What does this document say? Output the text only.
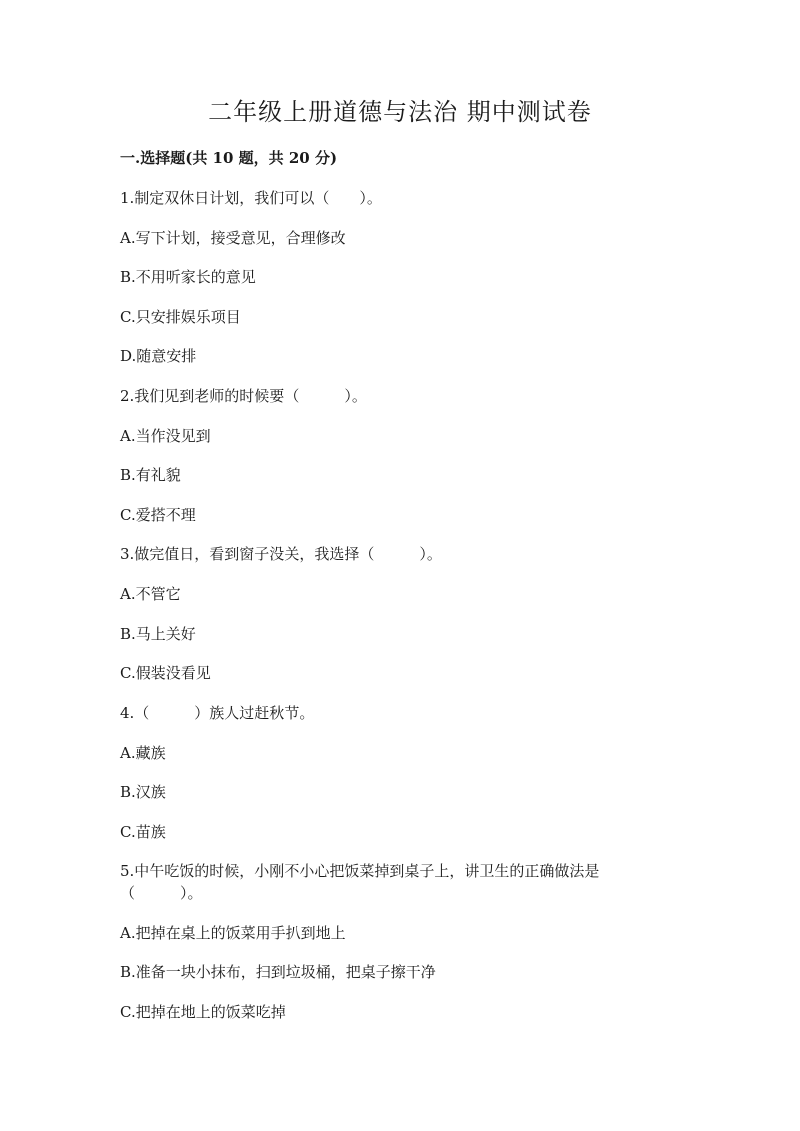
二年级上册道德与法治 期中测试卷
一.选择题(共 10 题，共 20 分)
1.制定双休日计划，我们可以（　　）。
A.写下计划，接受意见，合理修改
B.不用听家长的意见
C.只安排娱乐项目
D.随意安排
2.我们见到老师的时候要（　　　）。
A.当作没见到
B.有礼貌
C.爱搭不理
3.做完值日，看到窗子没关，我选择（　　　）。
A.不管它
B.马上关好
C.假装没看见
4.（　　　）族人过赶秋节。
A.藏族
B.汉族
C.苗族
5.中午吃饭的时候，小刚不小心把饭菜掉到桌子上，讲卫生的正确做法是
（　　　）。
A.把掉在桌上的饭菜用手扒到地上
B.准备一块小抹布，扫到垃圾桶，把桌子擦干净
C.把掉在地上的饭菜吃掉
